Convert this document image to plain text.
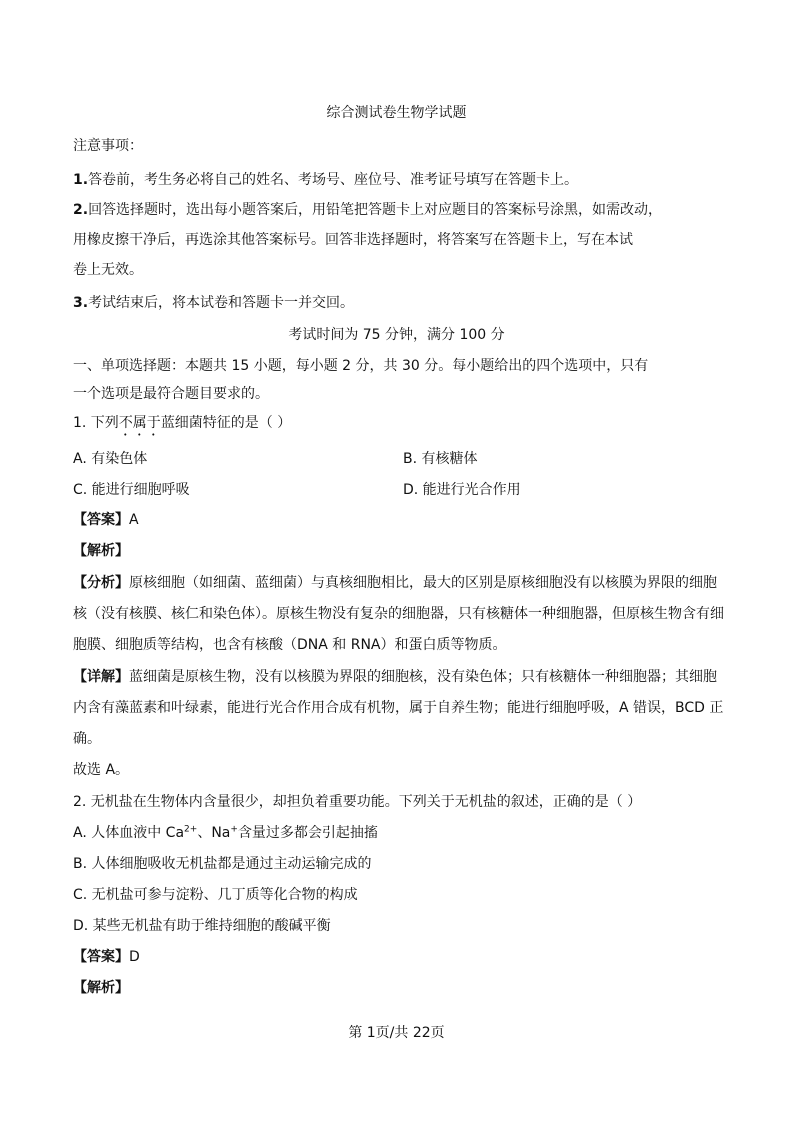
综合测试卷生物学试题
注意事项：
1.答卷前，考生务必将自己的姓名、考场号、座位号、准考证号填写在答题卡上。
2.回答选择题时，选出每小题答案后，用铅笔把答题卡上对应题目的答案标号涂黑，如需改动，
用橡皮擦干净后，再选涂其他答案标号。回答非选择题时，将答案写在答题卡上，写在本试
卷上无效。
3.考试结束后，将本试卷和答题卡一并交回。
考试时间为 75 分钟，满分 100 分
一、单项选择题：本题共 15 小题，每小题 2 分，共 30 分。每小题给出的四个选项中，只有
一个选项是最符合题目要求的。
1. 下列不属于蓝细菌特征的是（ ）
A. 有染色体	B. 有核糖体
C. 能进行细胞呼吸	D. 能进行光合作用
【答案】A
【解析】
【分析】原核细胞（如细菌、蓝细菌）与真核细胞相比，最大的区别是原核细胞没有以核膜为界限的细胞
核（没有核膜、核仁和染色体）。原核生物没有复杂的细胞器，只有核糖体一种细胞器，但原核生物含有细
胞膜、细胞质等结构，也含有核酸（DNA 和 RNA）和蛋白质等物质。
【详解】蓝细菌是原核生物，没有以核膜为界限的细胞核，没有染色体；只有核糖体一种细胞器；其细胞
内含有藻蓝素和叶绿素，能进行光合作用合成有机物，属于自养生物；能进行细胞呼吸，A 错误，BCD 正
确。
故选 A。
2. 无机盐在生物体内含量很少，却担负着重要功能。下列关于无机盐的叙述，正确的是（ ）
A. 人体血液中 $Ca^{2+}$、Na+含量过多都会引起抽搐
B. 人体细胞吸收无机盐都是通过主动运输完成的
C. 无机盐可参与淀粉、几丁质等化合物的构成
D. 某些无机盐有助于维持细胞的酸碱平衡
【答案】D
【解析】
第 1页/共 22页
